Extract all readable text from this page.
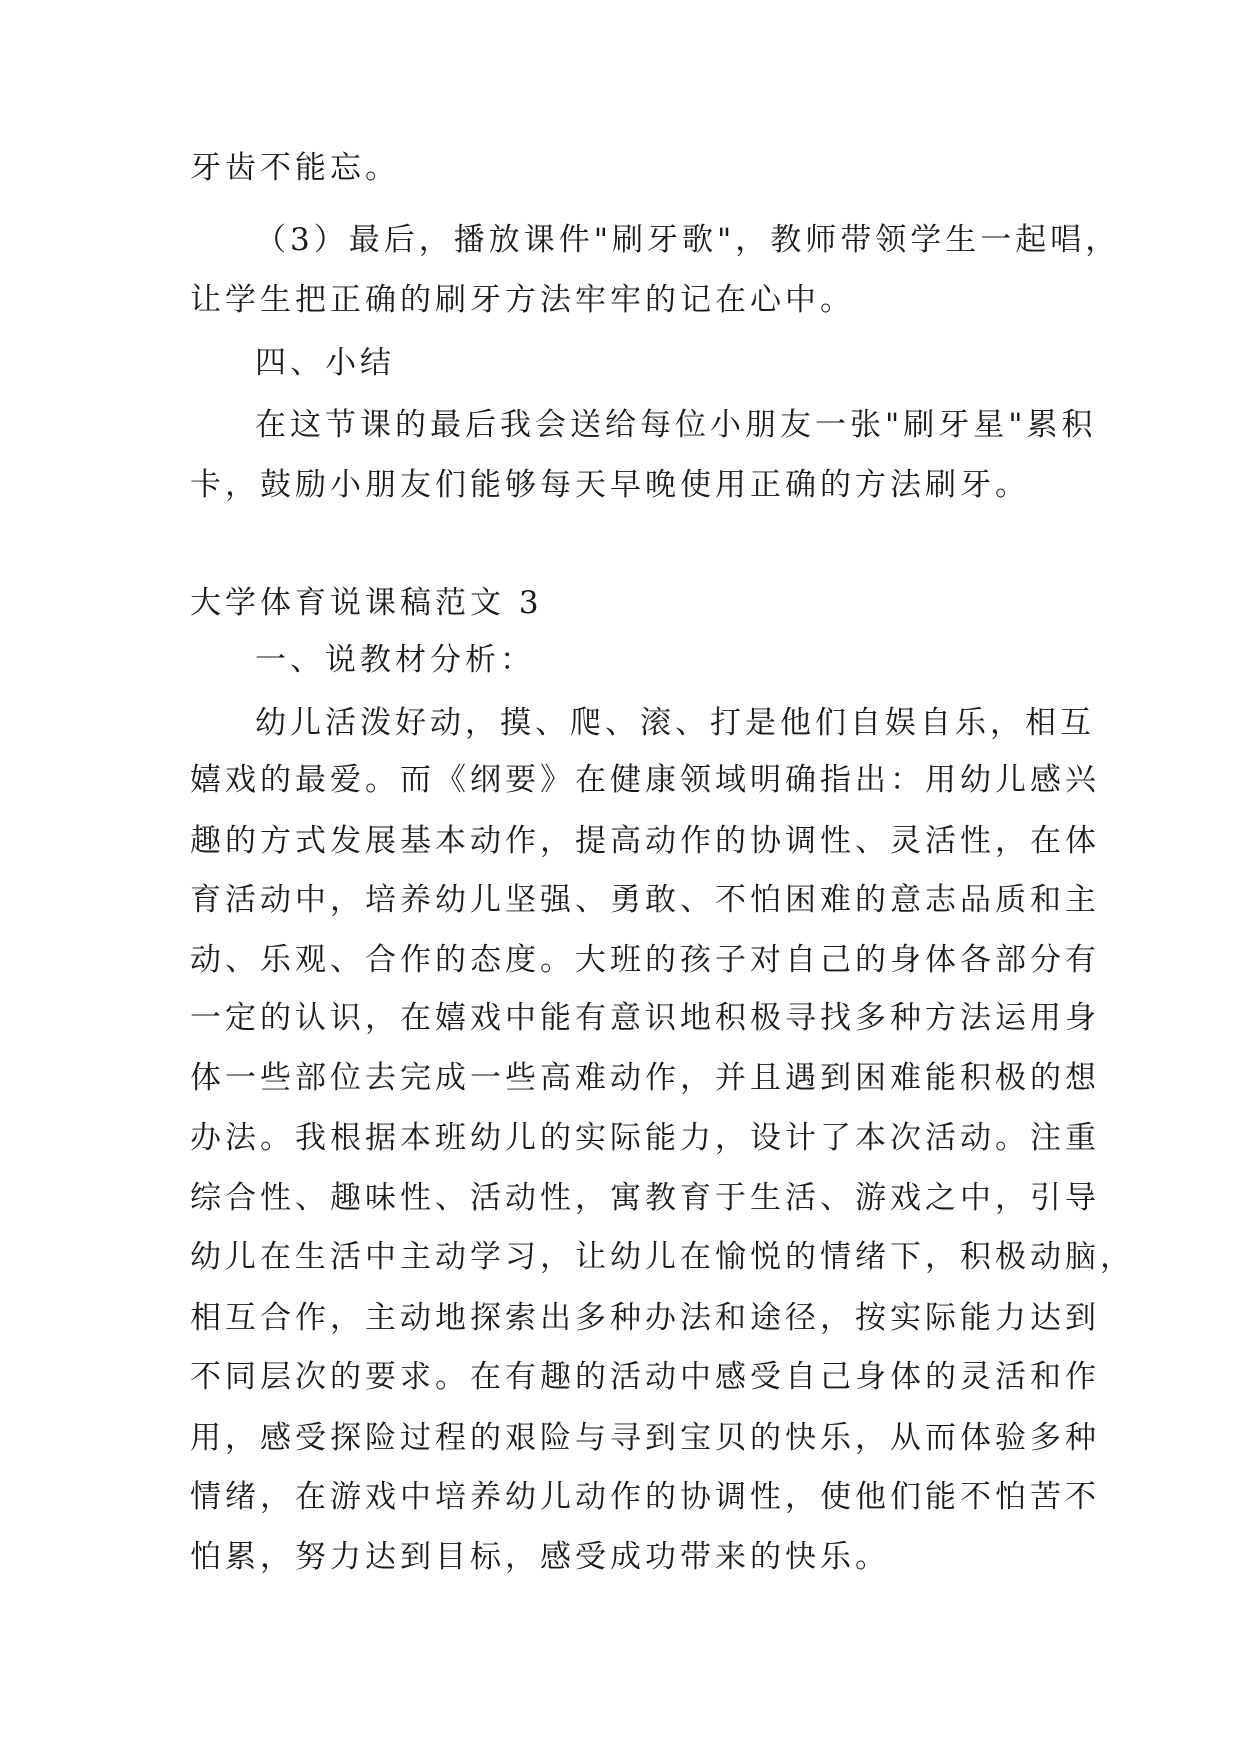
牙齿不能忘。
（3）最后，播放课件"刷牙歌"，教师带领学生一起唱，
让学生把正确的刷牙方法牢牢的记在心中。
四、小结
在这节课的最后我会送给每位小朋友一张"刷牙星"累积
卡，鼓励小朋友们能够每天早晚使用正确的方法刷牙。
大学体育说课稿范文 3
一、说教材分析：
幼儿活泼好动，摸、爬、滚、打是他们自娱自乐，相互
嬉戏的最爱。而《纲要》在健康领域明确指出：用幼儿感兴
趣的方式发展基本动作，提高动作的协调性、灵活性，在体
育活动中，培养幼儿坚强、勇敢、不怕困难的意志品质和主
动、乐观、合作的态度。大班的孩子对自己的身体各部分有
一定的认识，在嬉戏中能有意识地积极寻找多种方法运用身
体一些部位去完成一些高难动作，并且遇到困难能积极的想
办法。我根据本班幼儿的实际能力，设计了本次活动。注重
综合性、趣味性、活动性，寓教育于生活、游戏之中，引导
幼儿在生活中主动学习，让幼儿在愉悦的情绪下，积极动脑，
相互合作，主动地探索出多种办法和途径，按实际能力达到
不同层次的要求。在有趣的活动中感受自己身体的灵活和作
用，感受探险过程的艰险与寻到宝贝的快乐，从而体验多种
情绪，在游戏中培养幼儿动作的协调性，使他们能不怕苦不
怕累，努力达到目标，感受成功带来的快乐。
